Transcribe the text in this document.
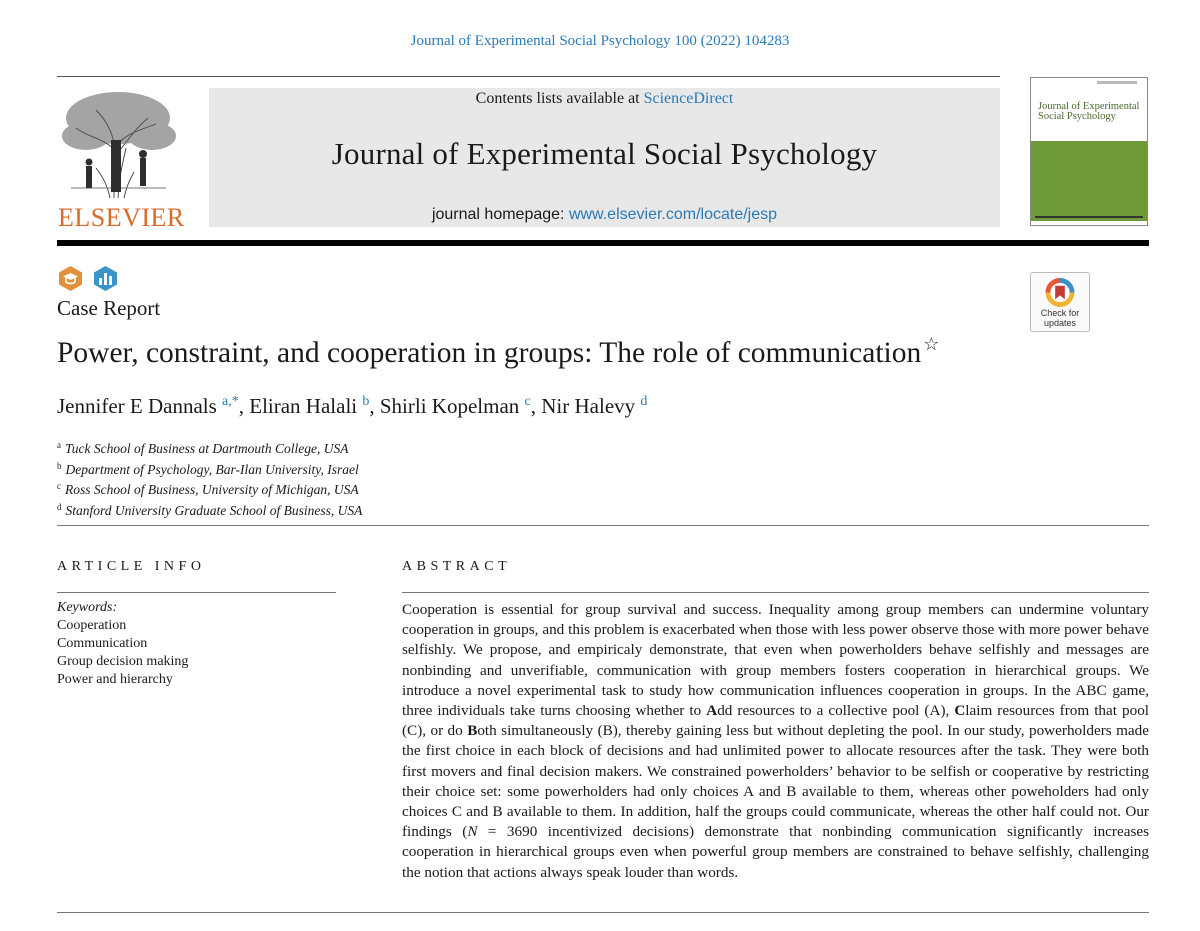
Journal of Experimental Social Psychology 100 (2022) 104283
ELSEVIER
Contents lists available at ScienceDirect
Journal of Experimental Social Psychology
journal homepage: www.elsevier.com/locate/jesp
Journal of Experimental Social Psychology
Case Report	Check for updates
Power, constraint, and cooperation in groups: The role of communication ☆
Jennifer E Dannals $^{a,*}$, Eliran Halali $^b$, Shirli Kopelman $^c$, Nir Halevy $^d$
$^a$ Tuck School of Business at Dartmouth College, USA
$^b$ Department of Psychology, Bar-Ilan University, Israel
$^c$ Ross School of Business, University of Michigan, USA
$^d$ Stanford University Graduate School of Business, USA
ARTICLE INFO	ABSTRACT
Keywords:
Cooperation
Communication
Group decision making
Power and hierarchy
Cooperation is essential for group survival and success. Inequality among group members can undermine voluntary cooperation in groups, and this problem is exacerbated when those with less power observe those with more power behave selfishly. We propose, and empiricaly demonstrate, that even when powerholders behave selfishly and messages are nonbinding and unverifiable, communication with group members fosters cooperation in hierarchical groups. We introduce a novel experimental task to study how communication influences cooperation in groups. In the ABC game, three individuals take turns choosing whether to Add resources to a collective pool (A), Claim resources from that pool (C), or do Both simultaneously (B), thereby gaining less but without depleting the pool. In our study, powerholders made the first choice in each block of decisions and had unlimited power to allocate resources after the task. They were both first movers and final decision makers. We constrained powerholders’ behavior to be selfish or cooperative by restricting their choice set: some powerholders had only choices A and B available to them, whereas other poweholders had only choices C and B available to them. In addition, half the groups could communicate, whereas the other half could not. Our findings (N = 3690 incentivized decisions) demonstrate that nonbinding communication significantly increases cooperation in hierarchical groups even when powerful group members are constrained to behave selfishly, challenging the notion that actions always speak louder than words.
